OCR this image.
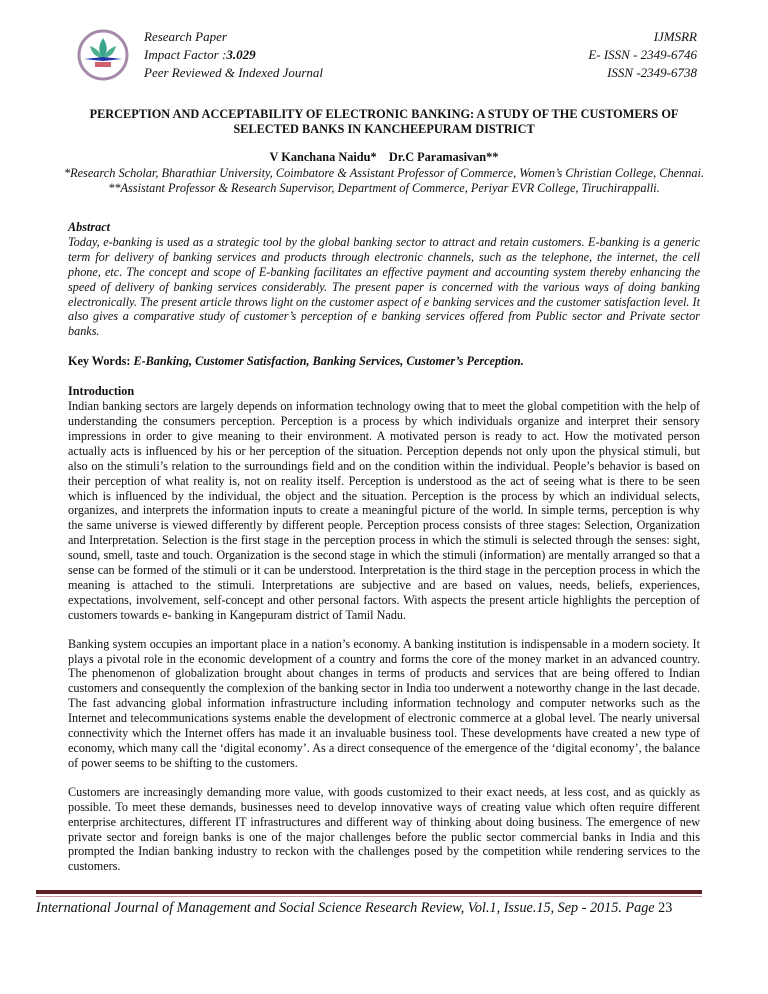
Research Paper
Impact Factor :3.029
Peer Reviewed & Indexed Journal
IJMSRR
E- ISSN - 2349-6746
ISSN -2349-6738
PERCEPTION AND ACCEPTABILITY OF ELECTRONIC BANKING: A STUDY OF THE CUSTOMERS OF
SELECTED BANKS IN KANCHEEPURAM DISTRICT
V Kanchana Naidu*    Dr.C Paramasivan**
*Research Scholar, Bharathiar University, Coimbatore & Assistant Professor of Commerce, Women’s Christian College, Chennai.
**Assistant Professor & Research Supervisor, Department of Commerce, Periyar EVR College, Tiruchirappalli.

Abstract

Today, e-banking is used as a strategic tool by the global banking sector to attract and retain customers. E-banking is a generic term for delivery of banking services and products through electronic channels, such as the telephone, the internet, the cell phone, etc. The concept and scope of E-banking facilitates an effective payment and accounting system thereby enhancing the speed of delivery of banking services considerably. The present paper is concerned with the various ways of doing banking electronically. The present article throws light on the customer aspect of e banking services and the customer satisfaction level. It also gives a comparative study of customer’s perception of e banking services offered from Public sector and Private sector banks.

Key Words: E-Banking, Customer Satisfaction, Banking Services, Customer’s Perception.

Introduction

Indian banking sectors are largely depends on information technology owing that to meet the global competition with the help of understanding the consumers perception. Perception is a process by which individuals organize and interpret their sensory impressions in order to give meaning to their environment. A motivated person is ready to act. How the motivated person actually acts is influenced by his or her perception of the situation. Perception depends not only upon the physical stimuli, but also on the stimuli’s relation to the surroundings field and on the condition within the individual. People’s behavior is based on their perception of what reality is, not on reality itself. Perception is understood as the act of seeing what is there to be seen which is influenced by the individual, the object and the situation. Perception is the process by which an individual selects, organizes, and interprets the information inputs to create a meaningful picture of the world. In simple terms, perception is why the same universe is viewed differently by different people. Perception process consists of three stages: Selection, Organization and Interpretation. Selection is the first stage in the perception process in which the stimuli is selected through the senses: sight, sound, smell, taste and touch. Organization is the second stage in which the stimuli (information) are mentally arranged so that a sense can be formed of the stimuli or it can be understood. Interpretation is the third stage in the perception process in which the meaning is attached to the stimuli. Interpretations are subjective and are based on values, needs, beliefs, experiences, expectations, involvement, self-concept and other personal factors. With aspects the present article highlights the perception of customers towards e- banking in Kangepuram district of Tamil Nadu.

Banking system occupies an important place in a nation’s economy. A banking institution is indispensable in a modern society. It plays a pivotal role in the economic development of a country and forms the core of the money market in an advanced country. The phenomenon of globalization brought about changes in terms of products and services that are being offered to Indian customers and consequently the complexion of the banking sector in India too underwent a noteworthy change in the last decade. The fast advancing global information infrastructure including information technology and computer networks such as the Internet and telecommunications systems enable the development of electronic commerce at a global level. The nearly universal connectivity which the Internet offers has made it an invaluable business tool. These developments have created a new type of economy, which many call the ‘digital economy’. As a direct consequence of the emergence of the ‘digital economy’, the balance of power seems to be shifting to the customers.

Customers are increasingly demanding more value, with goods customized to their exact needs, at less cost, and as quickly as possible. To meet these demands, businesses need to develop innovative ways of creating value which often require different enterprise architectures, different IT infrastructures and different way of thinking about doing business. The emergence of new private sector and foreign banks is one of the major challenges before the public sector commercial banks in India and this prompted the Indian banking industry to reckon with the challenges posed by the competition while rendering services to the customers.

International Journal of Management and Social Science Research Review, Vol.1, Issue.15, Sep - 2015. Page 23
